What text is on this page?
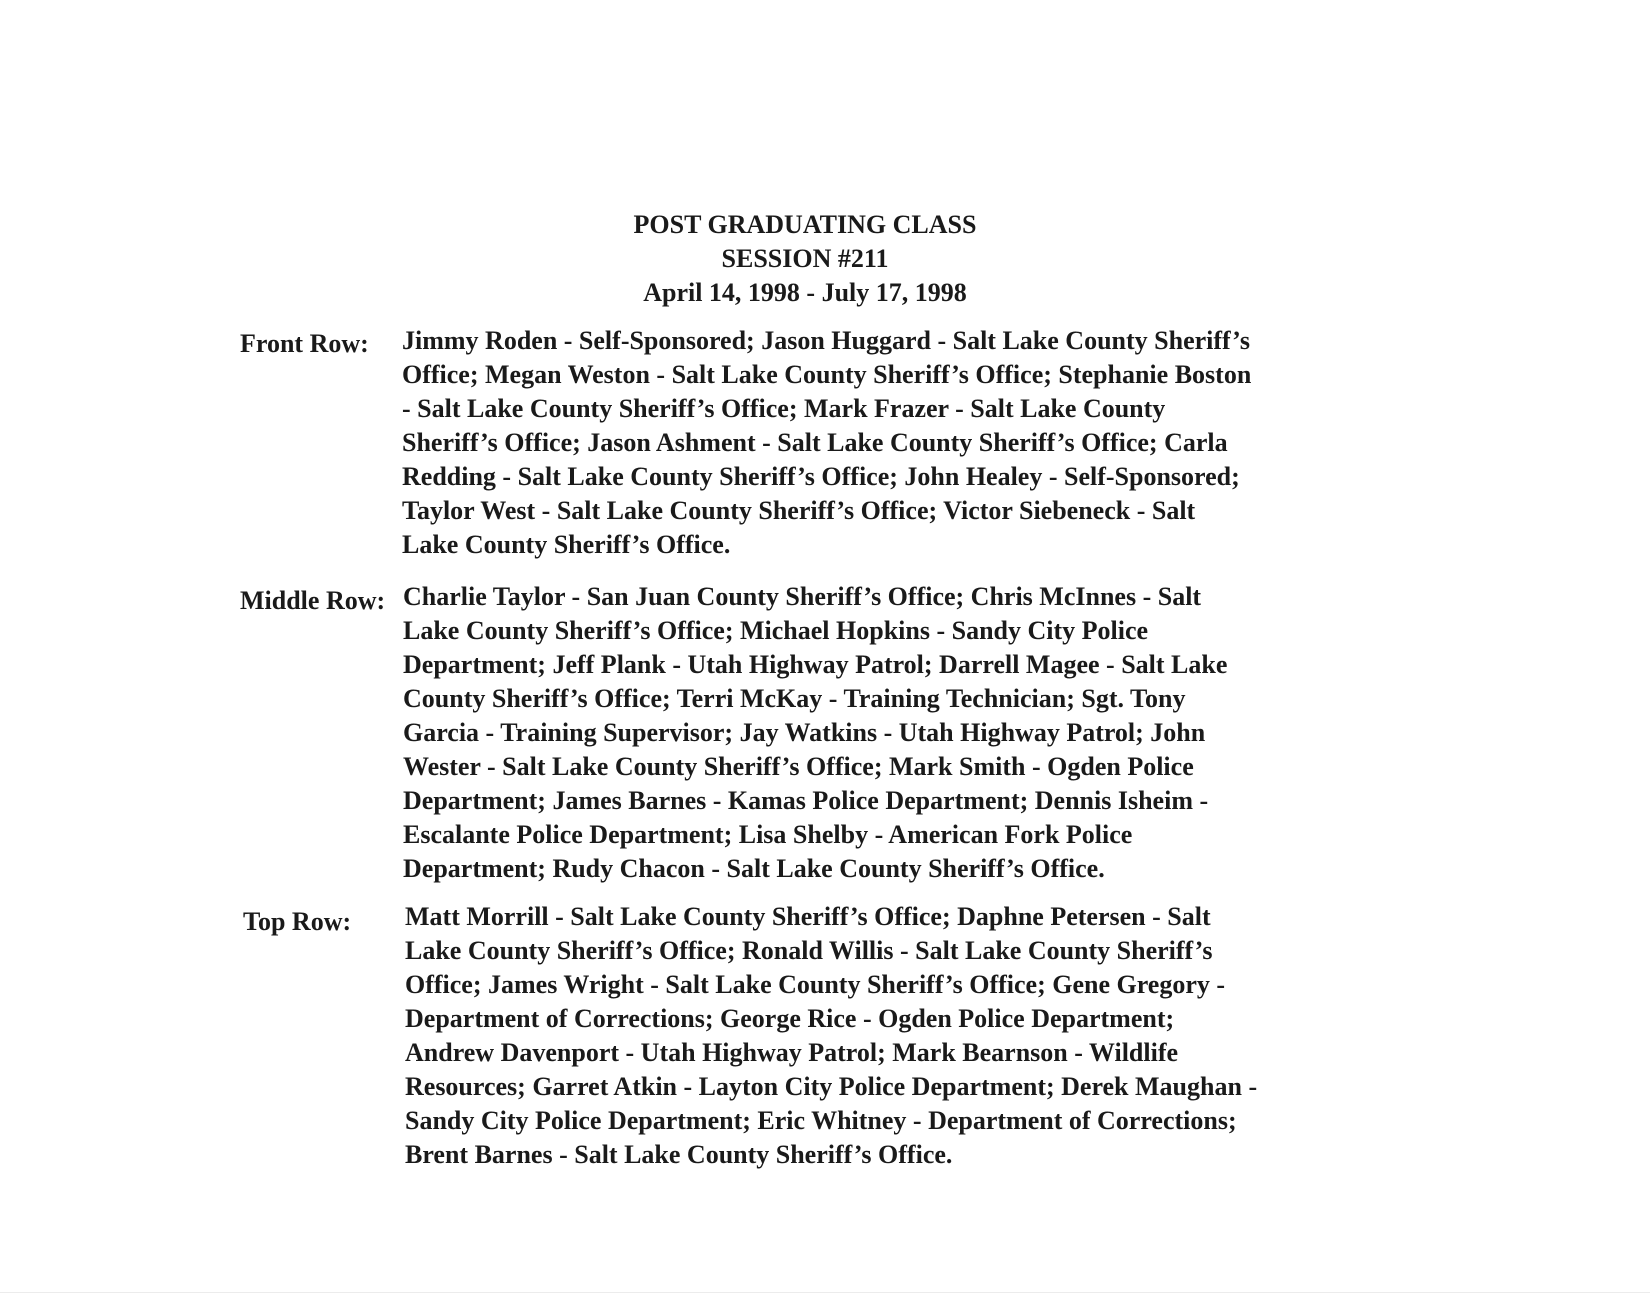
POST GRADUATING CLASS
SESSION #211
April 14, 1998 - July 17, 1998
Front Row:	Jimmy Roden - Self-Sponsored; Jason Huggard - Salt Lake County Sheriff’s
Office; Megan Weston - Salt Lake County Sheriff’s Office; Stephanie Boston
- Salt Lake County Sheriff’s Office; Mark Frazer - Salt Lake County
Sheriff’s Office; Jason Ashment - Salt Lake County Sheriff’s Office; Carla
Redding - Salt Lake County Sheriff’s Office; John Healey - Self-Sponsored;
Taylor West - Salt Lake County Sheriff’s Office; Victor Siebeneck - Salt
Lake County Sheriff’s Office.
Middle Row: Charlie Taylor - San Juan County Sheriff’s Office; Chris McInnes - Salt
Lake County Sheriff’s Office; Michael Hopkins - Sandy City Police
Department; Jeff Plank - Utah Highway Patrol; Darrell Magee - Salt Lake
County Sheriff’s Office; Terri McKay - Training Technician; Sgt. Tony
Garcia - Training Supervisor; Jay Watkins - Utah Highway Patrol; John
Wester - Salt Lake County Sheriff’s Office; Mark Smith - Ogden Police
Department; James Barnes - Kamas Police Department; Dennis Isheim -
Escalante Police Department; Lisa Shelby - American Fork Police
Department; Rudy Chacon - Salt Lake County Sheriff’s Office.
Top Row:	Matt Morrill - Salt Lake County Sheriff’s Office; Daphne Petersen - Salt
Lake County Sheriff’s Office; Ronald Willis - Salt Lake County Sheriff’s
Office; James Wright - Salt Lake County Sheriff’s Office; Gene Gregory -
Department of Corrections; George Rice - Ogden Police Department;
Andrew Davenport - Utah Highway Patrol; Mark Bearnson - Wildlife
Resources; Garret Atkin - Layton City Police Department; Derek Maughan -
Sandy City Police Department; Eric Whitney - Department of Corrections;
Brent Barnes - Salt Lake County Sheriff’s Office.
